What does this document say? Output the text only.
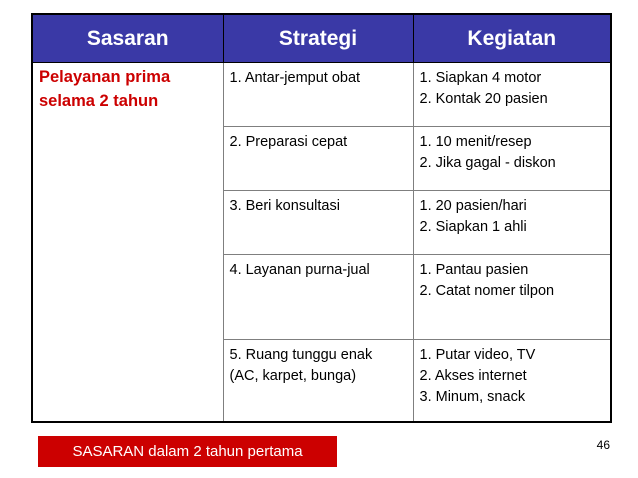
Sasaran	Strategi	Kegiatan

Pelayanan prima
selama 2 tahun	1. Antar-jemput obat	1. Siapkan 4 motor
2. Kontak 20 pasien

	2. Preparasi cepat	1. 10 menit/resep
2. Jika gagal - diskon

	3. Beri konsultasi	1. 20 pasien/hari
2. Siapkan 1 ahli

	4. Layanan purna-jual	1. Pantau pasien
2. Catat nomer tilpon

	5. Ruang tunggu enak
(AC, karpet, bunga)	1. Putar video, TV
2. Akses internet
3. Minum, snack
SASARAN dalam 2 tahun pertama	46
